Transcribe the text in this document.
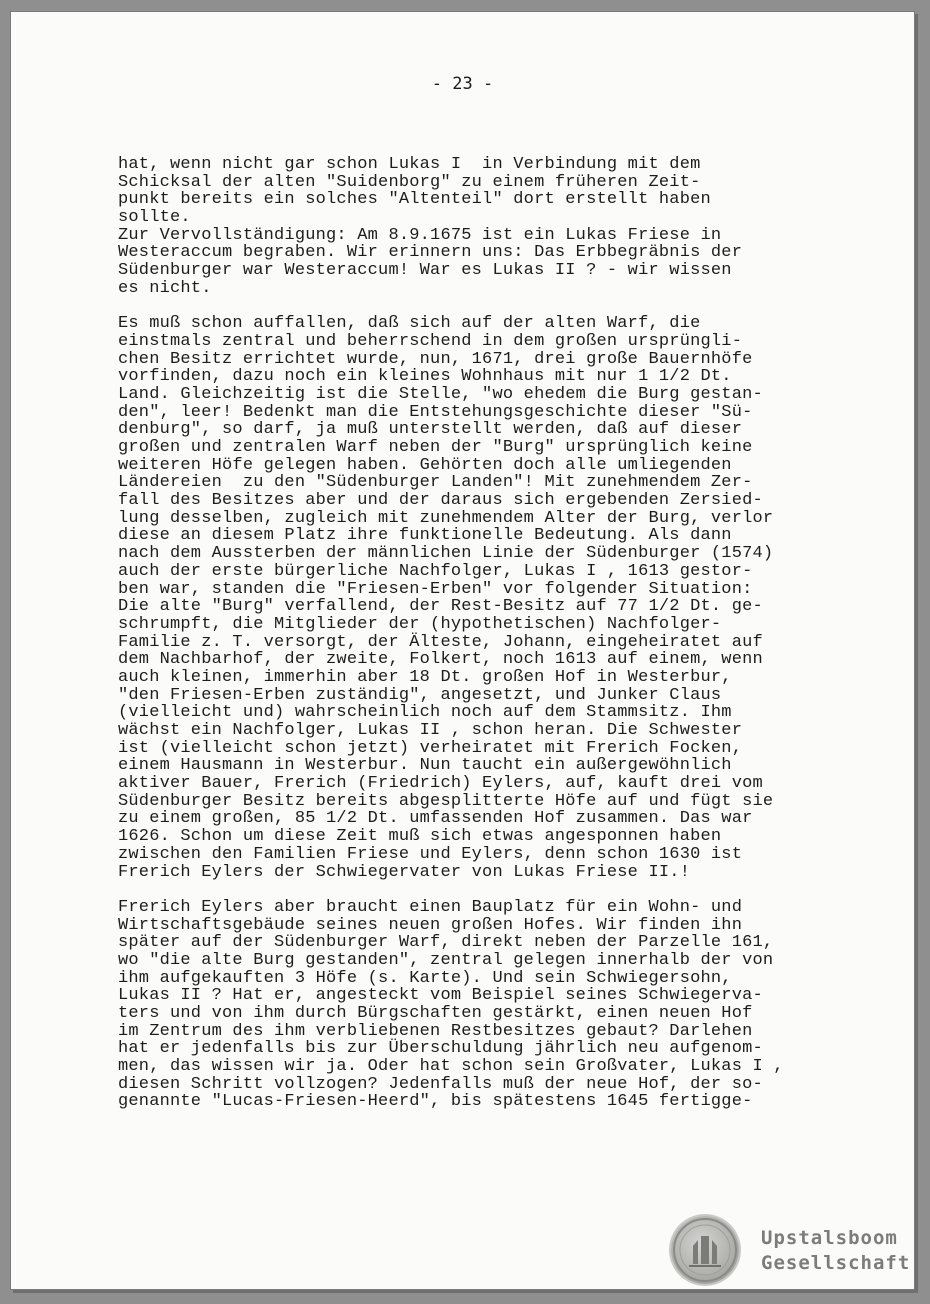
- 23 -
hat, wenn nicht gar schon Lukas I  in Verbindung mit dem
Schicksal der alten "Suidenborg" zu einem früheren Zeit-
punkt bereits ein solches "Altenteil" dort erstellt haben
sollte.
Zur Vervollständigung: Am 8.9.1675 ist ein Lukas Friese in
Westeraccum begraben. Wir erinnern uns: Das Erbbegräbnis der
Südenburger war Westeraccum! War es Lukas II ? - wir wissen
es nicht.
Es muß schon auffallen, daß sich auf der alten Warf, die
einstmals zentral und beherrschend in dem großen ursprüngli-
chen Besitz errichtet wurde, nun, 1671, drei große Bauernhöfe
vorfinden, dazu noch ein kleines Wohnhaus mit nur 1 1/2 Dt.
Land. Gleichzeitig ist die Stelle, "wo ehedem die Burg gestan-
den", leer! Bedenkt man die Entstehungsgeschichte dieser "Sü-
denburg", so darf, ja muß unterstellt werden, daß auf dieser
großen und zentralen Warf neben der "Burg" ursprünglich keine
weiteren Höfe gelegen haben. Gehörten doch alle umliegenden
Ländereien  zu den "Südenburger Landen"! Mit zunehmendem Zer-
fall des Besitzes aber und der daraus sich ergebenden Zersied-
lung desselben, zugleich mit zunehmendem Alter der Burg, verlor
diese an diesem Platz ihre funktionelle Bedeutung. Als dann
nach dem Aussterben der männlichen Linie der Südenburger (1574)
auch der erste bürgerliche Nachfolger, Lukas I , 1613 gestor-
ben war, standen die "Friesen-Erben" vor folgender Situation:
Die alte "Burg" verfallend, der Rest-Besitz auf 77 1/2 Dt. ge-
schrumpft, die Mitglieder der (hypothetischen) Nachfolger-
Familie z. T. versorgt, der Älteste, Johann, eingeheiratet auf
dem Nachbarhof, der zweite, Folkert, noch 1613 auf einem, wenn
auch kleinen, immerhin aber 18 Dt. großen Hof in Westerbur,
"den Friesen-Erben zuständig", angesetzt, und Junker Claus
(vielleicht und) wahrscheinlich noch auf dem Stammsitz. Ihm
wächst ein Nachfolger, Lukas II , schon heran. Die Schwester
ist (vielleicht schon jetzt) verheiratet mit Frerich Focken,
einem Hausmann in Westerbur. Nun taucht ein außergewöhnlich
aktiver Bauer, Frerich (Friedrich) Eylers, auf, kauft drei vom
Südenburger Besitz bereits abgesplitterte Höfe auf und fügt sie
zu einem großen, 85 1/2 Dt. umfassenden Hof zusammen. Das war
1626. Schon um diese Zeit muß sich etwas angesponnen haben
zwischen den Familien Friese und Eylers, denn schon 1630 ist
Frerich Eylers der Schwiegervater von Lukas Friese II.!
Frerich Eylers aber braucht einen Bauplatz für ein Wohn- und
Wirtschaftsgebäude seines neuen großen Hofes. Wir finden ihn
später auf der Südenburger Warf, direkt neben der Parzelle 161,
wo "die alte Burg gestanden", zentral gelegen innerhalb der von
ihm aufgekauften 3 Höfe (s. Karte). Und sein Schwiegersohn,
Lukas II ? Hat er, angesteckt vom Beispiel seines Schwiegerva-
ters und von ihm durch Bürgschaften gestärkt, einen neuen Hof
im Zentrum des ihm verbliebenen Restbesitzes gebaut? Darlehen
hat er jedenfalls bis zur Überschuldung jährlich neu aufgenom-
men, das wissen wir ja. Oder hat schon sein Großvater, Lukas I ,
diesen Schritt vollzogen? Jedenfalls muß der neue Hof, der so-
genannte "Lucas-Friesen-Heerd", bis spätestens 1645 fertigge-
Upstalsboom
Gesellschaft
